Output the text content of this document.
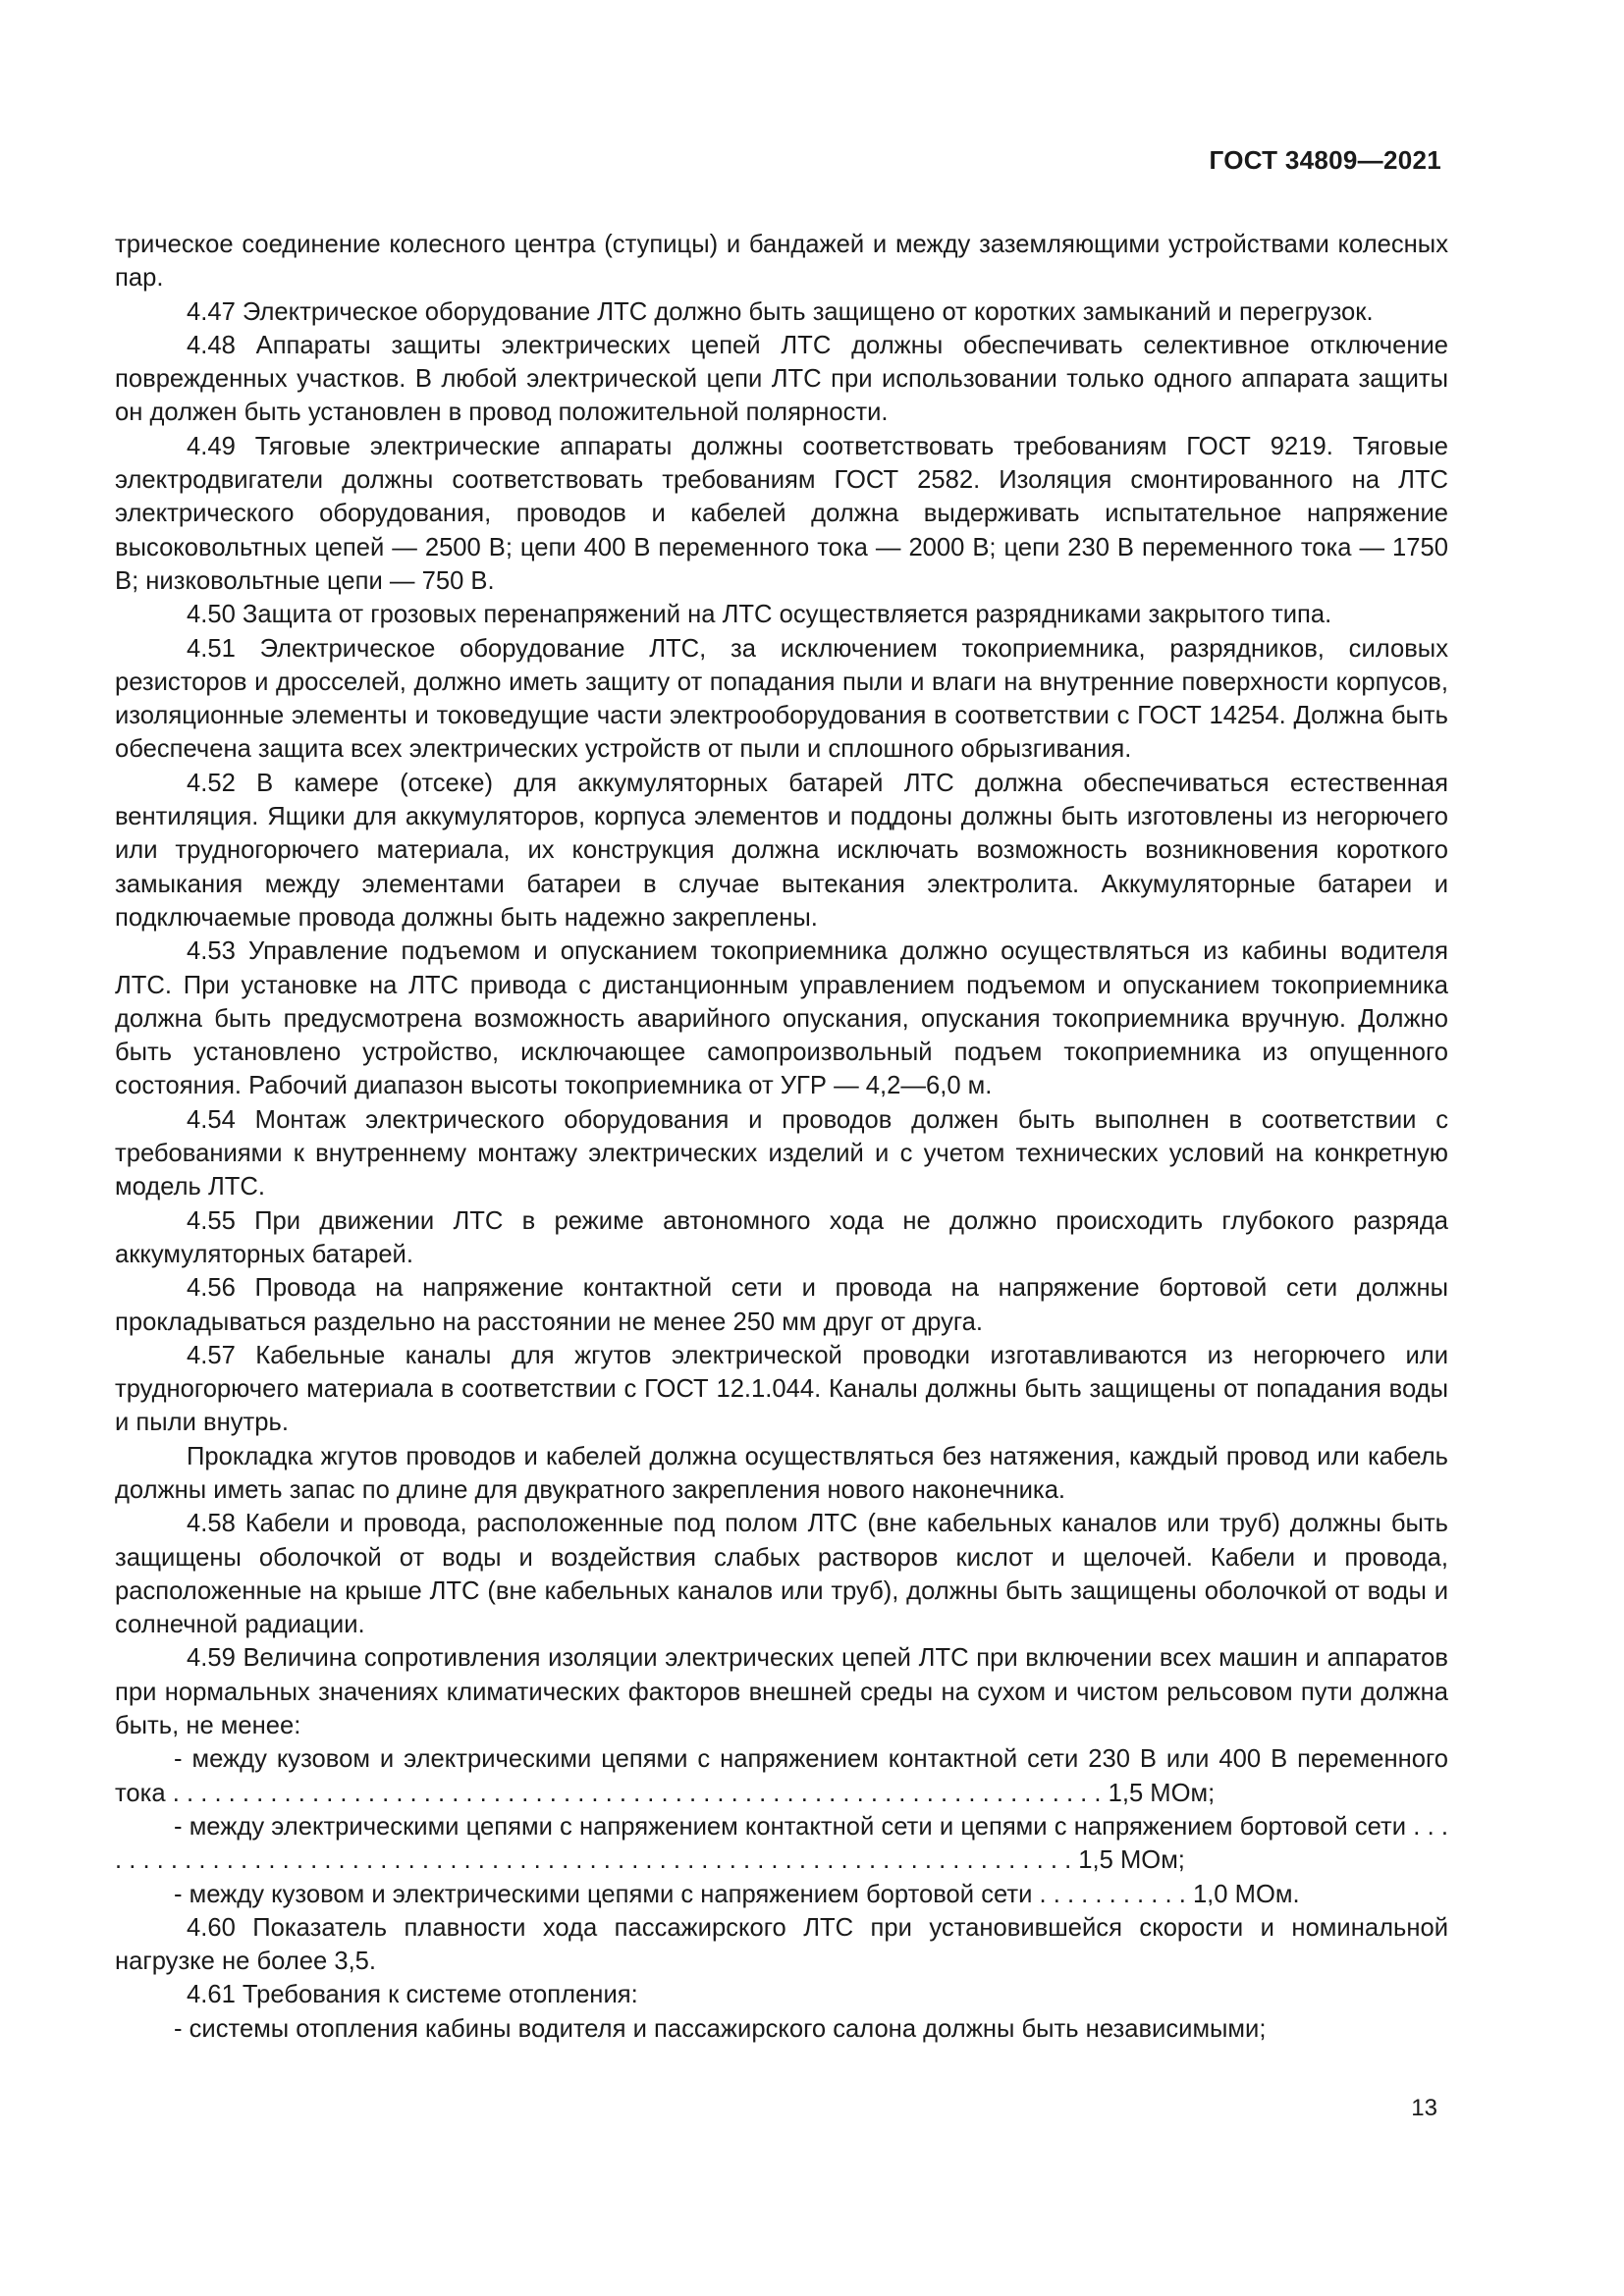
ГОСТ 34809—2021

трическое соединение колесного центра (ступицы) и бандажей и между заземляющими устройствами колесных пар.

4.47 Электрическое оборудование ЛТС должно быть защищено от коротких замыканий и перегрузок.

4.48 Аппараты защиты электрических цепей ЛТС должны обеспечивать селективное отключение поврежденных участков. В любой электрической цепи ЛТС при использовании только одного аппарата защиты он должен быть установлен в провод положительной полярности.

4.49 Тяговые электрические аппараты должны соответствовать требованиям ГОСТ 9219. Тяговые электродвигатели должны соответствовать требованиям ГОСТ 2582. Изоляция смонтированного на ЛТС электрического оборудования, проводов и кабелей должна выдерживать испытательное напряжение высоковольтных цепей — 2500 В; цепи 400 В переменного тока — 2000 В; цепи 230 В переменного тока — 1750 В; низковольтные цепи — 750 В.

4.50 Защита от грозовых перенапряжений на ЛТС осуществляется разрядниками закрытого типа.

4.51 Электрическое оборудование ЛТС, за исключением токоприемника, разрядников, силовых резисторов и дросселей, должно иметь защиту от попадания пыли и влаги на внутренние поверхности корпусов, изоляционные элементы и токоведущие части электрооборудования в соответствии с ГОСТ 14254. Должна быть обеспечена защита всех электрических устройств от пыли и сплошного обрызгивания.

4.52 В камере (отсеке) для аккумуляторных батарей ЛТС должна обеспечиваться естественная вентиляция. Ящики для аккумуляторов, корпуса элементов и поддоны должны быть изготовлены из негорючего или трудногорючего материала, их конструкция должна исключать возможность возникновения короткого замыкания между элементами батареи в случае вытекания электролита. Аккумуляторные батареи и подключаемые провода должны быть надежно закреплены.

4.53 Управление подъемом и опусканием токоприемника должно осуществляться из кабины водителя ЛТС. При установке на ЛТС привода с дистанционным управлением подъемом и опусканием токоприемника должна быть предусмотрена возможность аварийного опускания, опускания токоприемника вручную. Должно быть установлено устройство, исключающее самопроизвольный подъем токоприемника из опущенного состояния. Рабочий диапазон высоты токоприемника от УГР — 4,2—6,0 м.

4.54 Монтаж электрического оборудования и проводов должен быть выполнен в соответствии с требованиями к внутреннему монтажу электрических изделий и с учетом технических условий на конкретную модель ЛТС.

4.55 При движении ЛТС в режиме автономного хода не должно происходить глубокого разряда аккумуляторных батарей.

4.56 Провода на напряжение контактной сети и провода на напряжение бортовой сети должны прокладываться раздельно на расстоянии не менее 250 мм друг от друга.

4.57 Кабельные каналы для жгутов электрической проводки изготавливаются из негорючего или трудногорючего материала в соответствии с ГОСТ 12.1.044. Каналы должны быть защищены от попадания воды и пыли внутрь.

Прокладка жгутов проводов и кабелей должна осуществляться без натяжения, каждый провод или кабель должны иметь запас по длине для двукратного закрепления нового наконечника.

4.58 Кабели и провода, расположенные под полом ЛТС (вне кабельных каналов или труб) должны быть защищены оболочкой от воды и воздействия слабых растворов кислот и щелочей. Кабели и провода, расположенные на крыше ЛТС (вне кабельных каналов или труб), должны быть защищены оболочкой от воды и солнечной радиации.

4.59 Величина сопротивления изоляции электрических цепей ЛТС при включении всех машин и аппаратов при нормальных значениях климатических факторов внешней среды на сухом и чистом рельсовом пути должна быть, не менее:

- между кузовом и электрическими цепями с напряжением контактной сети 230 В или 400 В переменного тока . . . . . . . . . . . . . . . . . . . . . . . . . . . . . . . . . . . . . . . . . . . . . . . . . . . . . . . . . . . . . . . . . . . 1,5 МОм;

- между электрическими цепями с напряжением контактной сети и цепями с напряжением бортовой сети . . . . . . . . . . . . . . . . . . . . . . . . . . . . . . . . . . . . . . . . . . . . . . . . . . . . . . . . . . . . . . . . . . . . . . . . 1,5 МОм;

- между кузовом и электрическими цепями с напряжением бортовой сети . . . . . . . . . . . 1,0 МОм.

4.60 Показатель плавности хода пассажирского ЛТС при установившейся скорости и номинальной нагрузке не более 3,5.

4.61 Требования к системе отопления:

- системы отопления кабины водителя и пассажирского салона должны быть независимыми;

13
